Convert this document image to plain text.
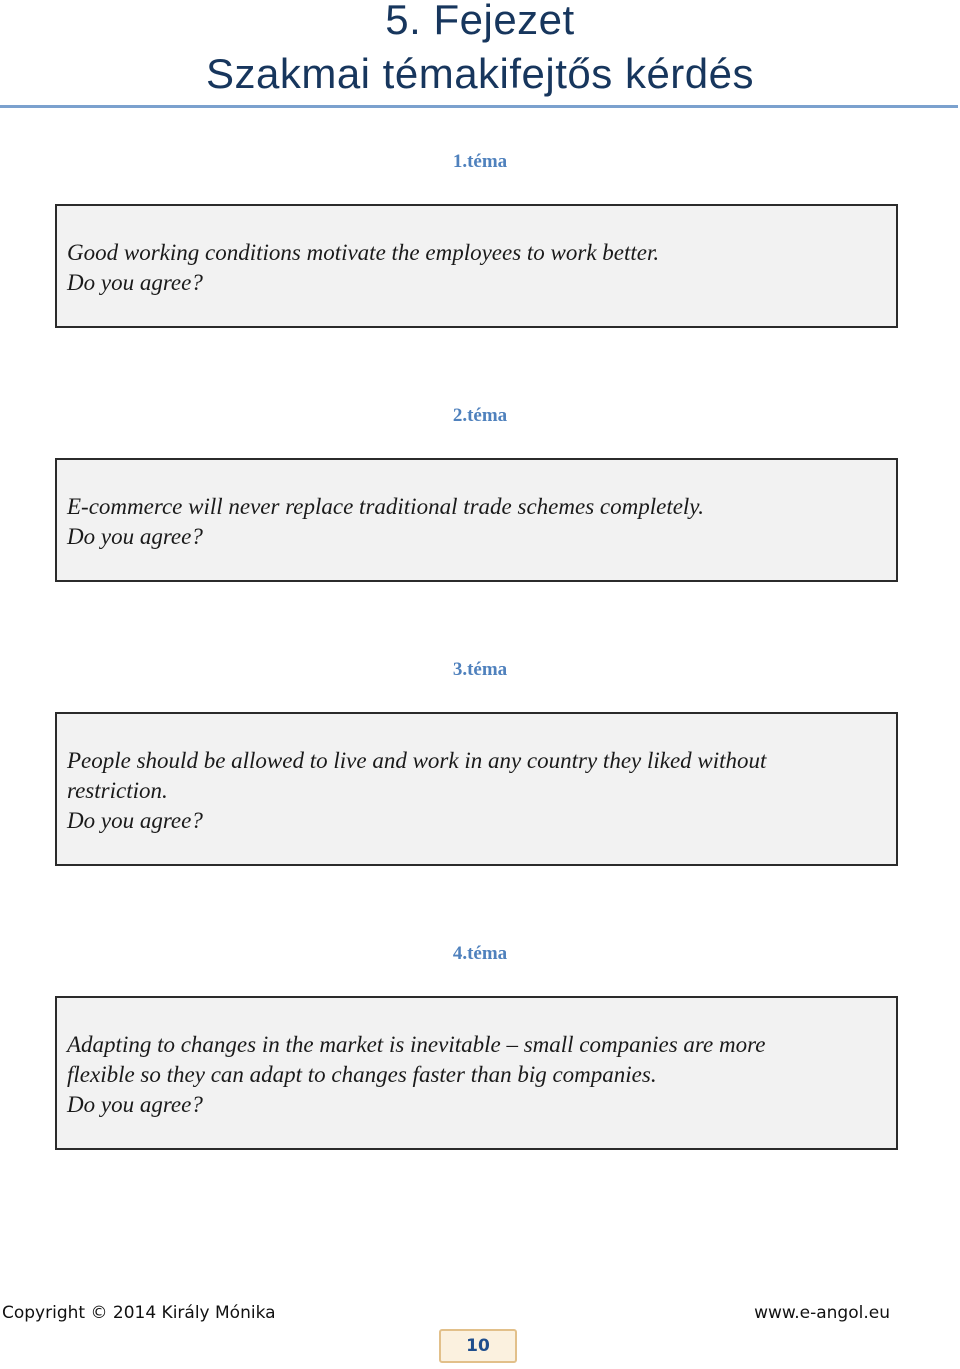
5. Fejezet
Szakmai témakifejtős kérdés
1.téma

Good working conditions motivate the employees to work better.

Do you agree?

2.téma

E-commerce will never replace traditional trade schemes completely.

Do you agree?

3.téma

People should be allowed to live and work in any country they liked without

restriction.

Do you agree?

4.téma

Adapting to changes in the market is inevitable – small companies are more

flexible so they can adapt to changes faster than big companies.

Do you agree?

Copyright © 2014 Király Mónika	www.e-angol.eu
10
